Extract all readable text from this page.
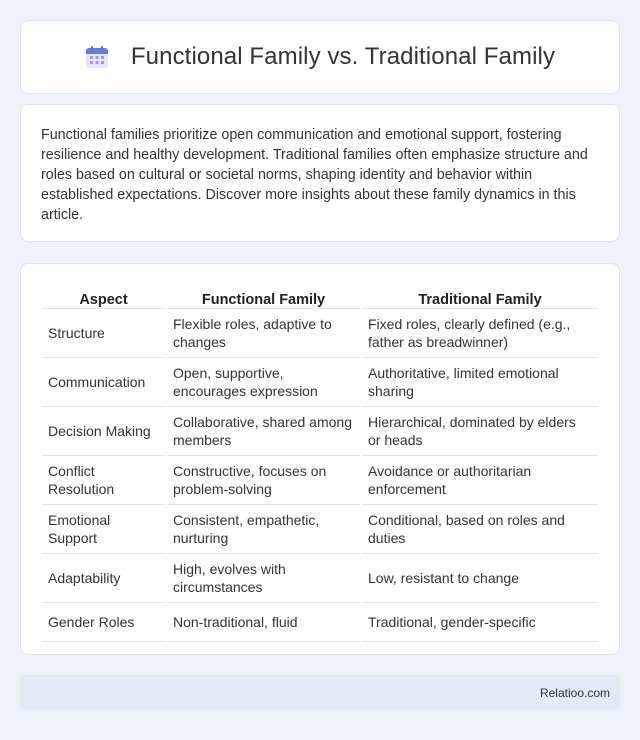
Functional Family vs. Traditional Family

Functional families prioritize open communication and emotional support, fostering resilience and healthy development. Traditional families often emphasize structure and roles based on cultural or societal norms, shaping identity and behavior within established expectations. Discover more insights about these family dynamics in this article.

Aspect		Functional Family		Traditional Family
Structure		Flexible roles, adaptive to changes		Fixed roles, clearly defined (e.g., father as breadwinner)
Communication		Open, supportive, encourages expression		Authoritative, limited emotional sharing
Decision Making		Collaborative, shared among members		Hierarchical, dominated by elders or heads
Conflict Resolution		Constructive, focuses on problem-solving		Avoidance or authoritarian enforcement
Emotional Support		Consistent, empathetic, nurturing		Conditional, based on roles and duties
Adaptability		High, evolves with circumstances		Low, resistant to change
Gender Roles		Non-traditional, fluid		Traditional, gender-specific
Relatioo.com
